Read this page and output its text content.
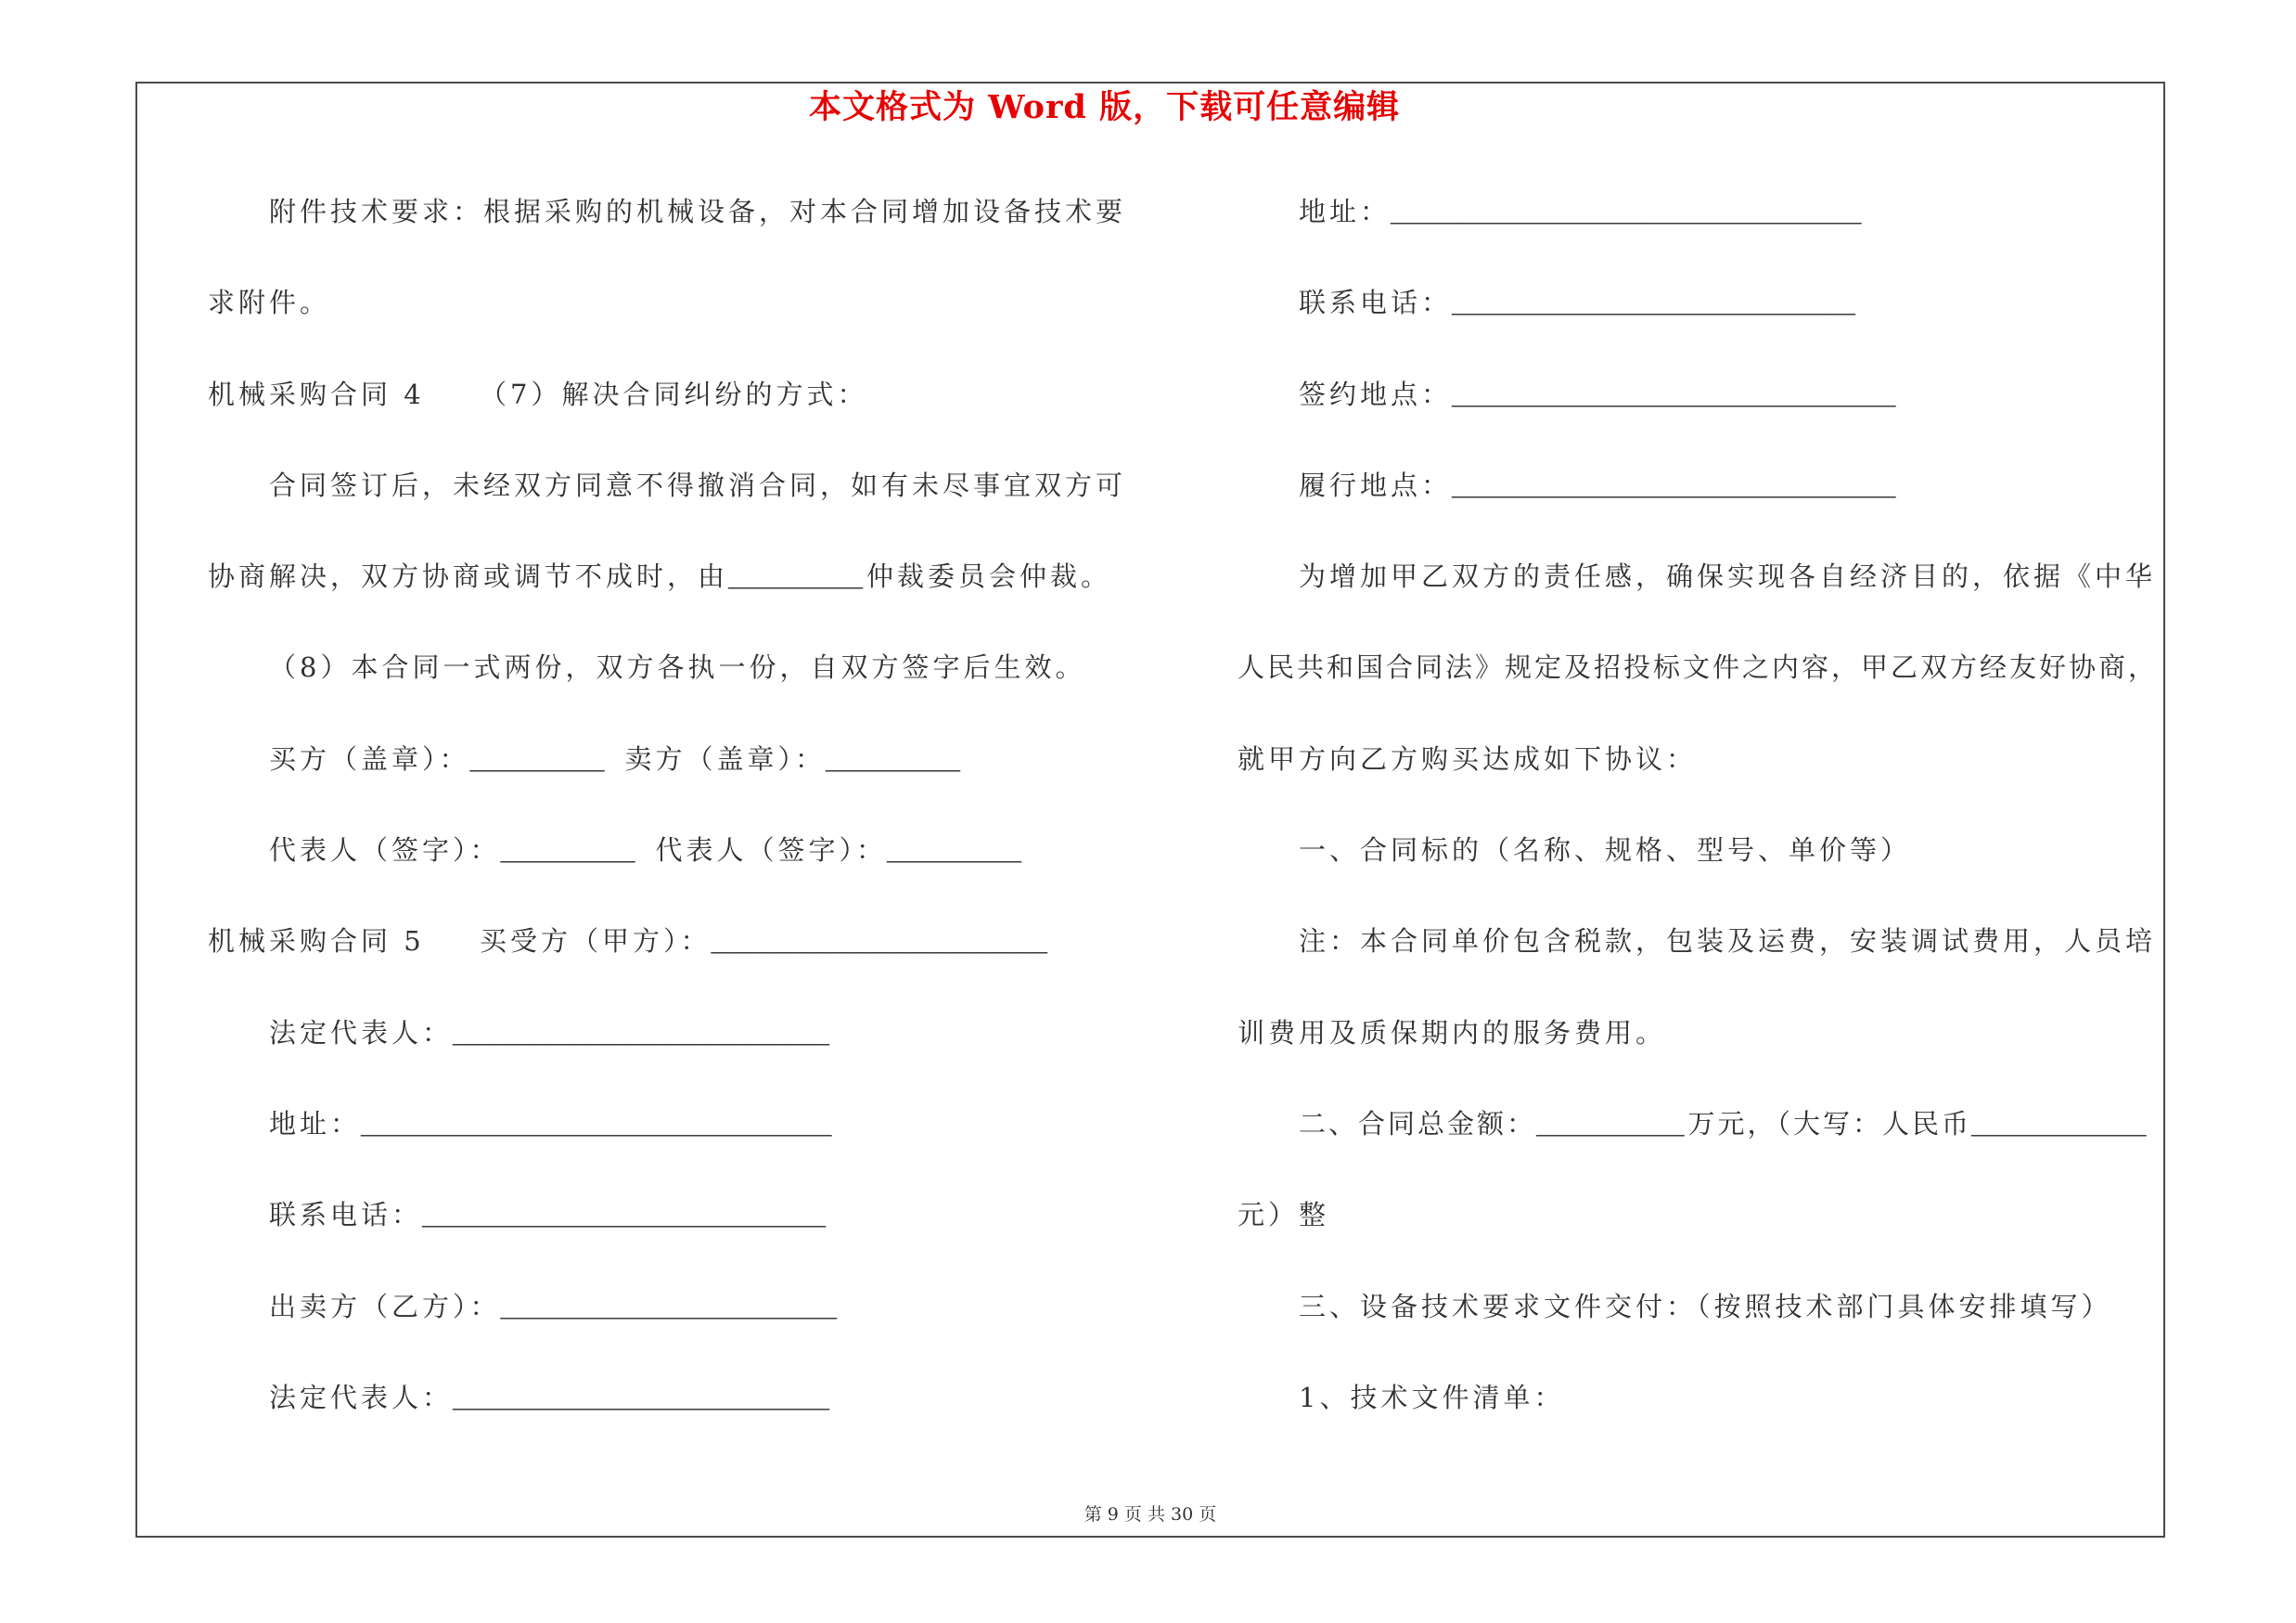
本文格式为 Word 版，下载可任意编辑
附件技术要求：根据采购的机械设备，对本合同增加设备技术要
求附件。
机械采购合同 4 （7）解决合同纠纷的方式：
合同签订后，未经双方同意不得撤消合同，如有未尽事宜双方可
协商解决，双方协商或调节不成时，由__________ 仲裁委员会仲裁。
（8）本合同一式两份，双方各执一份，自双方签字后生效。
买方（盖章）：__________ 卖方（盖章）：__________
代表人（签字）：__________ 代表人（签字）：__________
机械采购合同 5 买受方（甲方）：_________________________
法定代表人：____________________________
地址：___________________________________
联系电话：______________________________
出卖方（乙方）：_________________________
法定代表人：____________________________
地址：___________________________________
联系电话：______________________________
签约地点：_________________________________
履行地点：_________________________________
为增加甲乙双方的责任感，确保实现各自经济目的，依据《中华
人民共和国合同法》规定及招投标文件之内容，甲乙双方经友好协商，
就甲方向乙方购买达成如下协议：
一、合同标的（名称、规格、型号、单价等）
注：本合同单价包含税款，包装及运费，安装调试费用，人员培
训费用及质保期内的服务费用。
二、合同总金额：___________ 万元，（大写：人民币_____________
元）整
三、设备技术要求文件交付：（按照技术部门具体安排填写）
1、技术文件清单：
第 9 页 共 30 页
